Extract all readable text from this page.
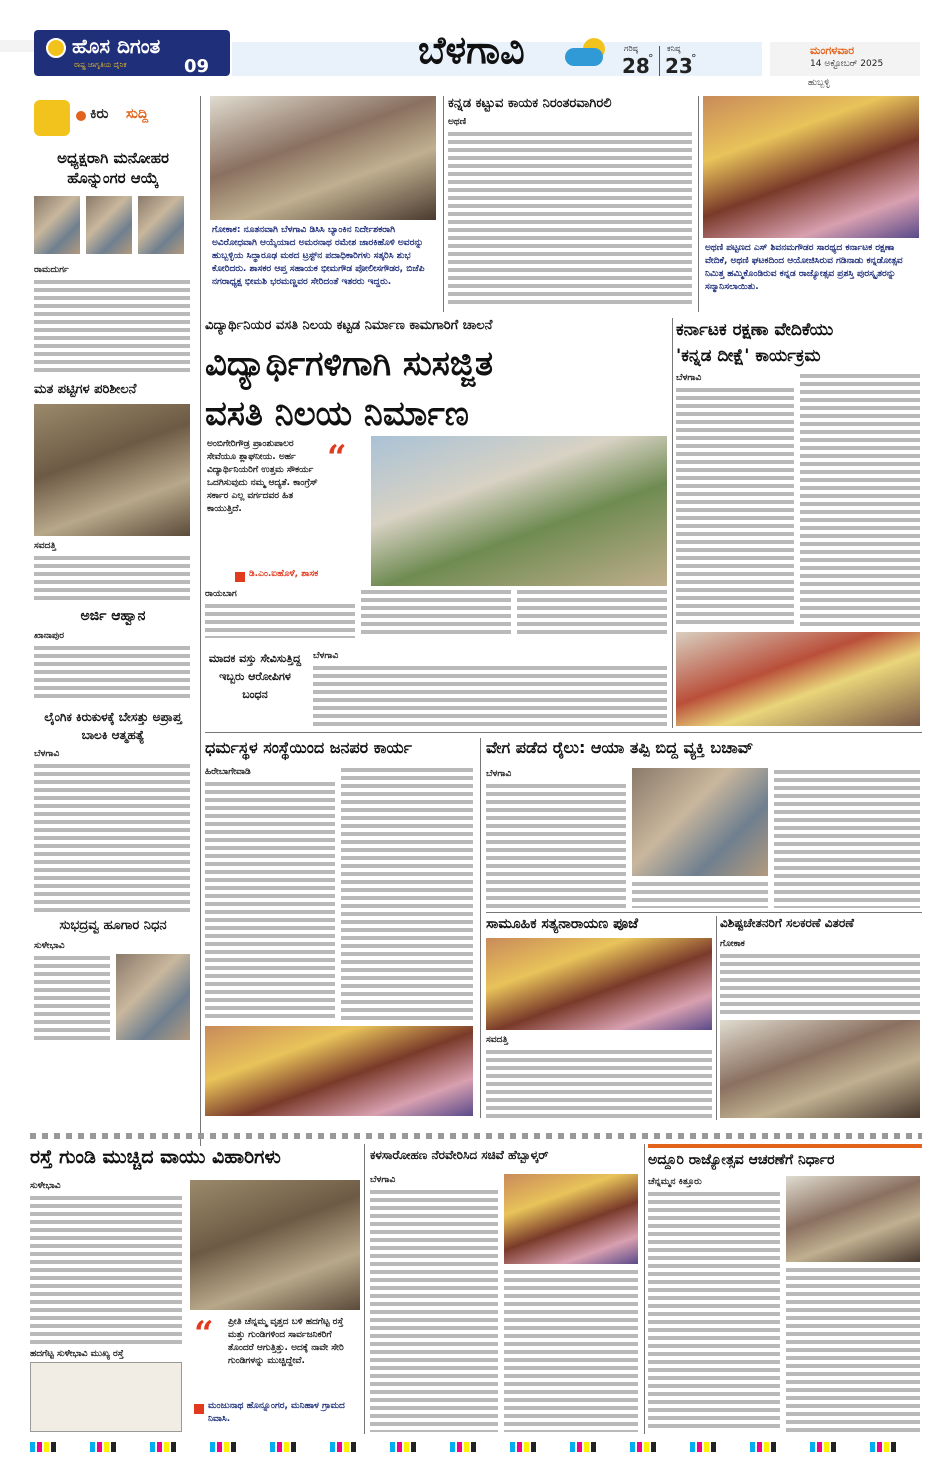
ಹೊಸ ದಿಗಂತ
ರಾಷ್ಟ್ರ ಜಾಗೃತಿಯ ದೈನಿಕ	09	ಬೆಳಗಾವಿ	ಗರಿಷ್ಠ
28
°
ಕನಿಷ್ಠ
23
°
ಮಂಗಳವಾರ
14 ಅಕ್ಟೋಬರ್ 2025
ಹುಬ್ಬಳ್ಳಿ
ಕಿರು	ಸುದ್ದಿ
ಅಧ್ಯಕ್ಷರಾಗಿ ಮನೋಹರ ಹೊನ್ನುಂಗರ ಆಯ್ಕೆ
ರಾಮದುರ್ಗ
ಮತ ಪಟ್ಟಿಗಳ ಪರಿಶೀಲನೆ
ಸವದತ್ತಿ
ಅರ್ಜಿ ಆಹ್ವಾನ
ಖಾನಾಪುರ
ಲೈಂಗಿಕ ಕಿರುಕುಳಕ್ಕೆ ಬೇಸತ್ತು ಅಪ್ರಾಪ್ತ ಬಾಲಕಿ ಆತ್ಮಹತ್ಯೆ
ಬೆಳಗಾವಿ
ಸುಭದ್ರವ್ವ ಹೂಗಾರ ನಿಧನ
ಸುಳೇಭಾವಿ
ಗೋಕಾಕ: ನೂತನವಾಗಿ ಬೆಳಗಾವಿ ಡಿಸಿಸಿ ಬ್ಯಾಂಕಿನ ನಿರ್ದೇಶಕರಾಗಿ ಅವಿರೋಧವಾಗಿ ಆಯ್ಕೆಯಾದ ಅಮರನಾಥ ರಮೇಶ ಜಾರಕಿಹೊಳಿ ಅವರನ್ನು ಹುಬ್ಬಳ್ಳಿಯ ಸಿದ್ಧಾರೂಢ ಮಠದ ಟ್ರಸ್ಟ್‌ನ ಪದಾಧಿಕಾರಿಗಳು ಸತ್ಕರಿಸಿ ಶುಭ ಕೋರಿದರು. ಶಾಸಕರ ಆಪ್ತ ಸಹಾಯಕ ಭೀಮಗೌಡ ಪೋಲೀಸಗೌಡರ, ಬಿಜೆಪಿ ನಗರಾಧ್ಯಕ್ಷ ಭೀಮಶಿ ಭರಮಣ್ಣವರ ಸೇರಿದಂತೆ ಇತರರು ಇದ್ದರು.
ಕನ್ನಡ ಕಟ್ಟುವ ಕಾಯಕ ನಿರಂತರವಾಗಿರಲಿ
ಅಥಣಿ
ಅಥಣಿ ಪಟ್ಟಣದ ಎಸ್ ಶಿವನಮಗೌಡರ ಸಾರಥ್ಯದ ಕರ್ನಾಟಕ ರಕ್ಷಣಾ ವೇದಿಕೆ, ಅಥಣಿ ಘಟಕದಿಂದ ಆಯೋಜಿಸಿರುವ ಗಡಿನಾಡು ಕನ್ನಡೋತ್ಸವ ನಿಮಿತ್ತ ಹಮ್ಮಿಕೊಂಡಿರುವ ಕನ್ನಡ ರಾಜ್ಯೋತ್ಸವ ಪ್ರಶಸ್ತಿ ಪುರಸ್ಕೃತರನ್ನು ಸನ್ಮಾನಿಸಲಾಯಿತು.
ವಿದ್ಯಾರ್ಥಿನಿಯರ ವಸತಿ ನಿಲಯ ಕಟ್ಟಡ ನಿರ್ಮಾಣ ಕಾಮಗಾರಿಗೆ ಚಾಲನೆ
ವಿದ್ಯಾರ್ಥಿಗಳಿಗಾಗಿ ಸುಸಜ್ಜಿತ
ವಸತಿ ನಿಲಯ ನಿರ್ಮಾಣ
ಅಂಬಿಗೇರಿಗೌಡ್ರ ಪ್ರಾಂಶುಪಾಲರ ಸೇವೆಯೂ ಶ್ಲಾಘನೀಯ. ಅರ್ಹ ವಿದ್ಯಾರ್ಥಿನಿಯರಿಗೆ ಉತ್ತಮ ಸೌಕರ್ಯ ಒದಗಿಸುವುದು ನಮ್ಮ ಆದ್ಯತೆ. ಕಾಂಗ್ರೆಸ್ ಸರ್ಕಾರ ಎಲ್ಲ ವರ್ಗದವರ ಹಿತ ಕಾಯುತ್ತಿದೆ.
“
ಡಿ.ಎಂ.ಐಹೊಳೆ, ಶಾಸಕ
ರಾಯಬಾಗ
ಕರ್ನಾಟಕ ರಕ್ಷಣಾ ವೇದಿಕೆಯು
'ಕನ್ನಡ ದೀಕ್ಷೆ' ಕಾರ್ಯಕ್ರಮ
ಬೆಳಗಾವಿ
ಮಾದಕ ವಸ್ತು ಸೇವಿಸುತ್ತಿದ್ದ ಇಬ್ಬರು ಆರೋಪಿಗಳ ಬಂಧನ
ಬೆಳಗಾವಿ
ಧರ್ಮಸ್ಥಳ ಸಂಸ್ಥೆಯಿಂದ ಜನಪರ ಕಾರ್ಯ
ಹಿರೇಬಾಗೇವಾಡಿ
ವೇಗ ಪಡೆದ ರೈಲು: ಆಯಾ ತಪ್ಪಿ ಬಿದ್ದ ವ್ಯಕ್ತಿ ಬಚಾವ್
ಬೆಳಗಾವಿ
ಸಾಮೂಹಿಕ ಸತ್ಯನಾರಾಯಣ ಪೂಜೆ
ಸವದತ್ತಿ
ವಿಶಿಷ್ಟಚೇತನರಿಗೆ ಸಲಕರಣೆ ವಿತರಣೆ
ಗೋಕಾಕ
ರಸ್ತೆ ಗುಂಡಿ ಮುಚ್ಚಿದ ವಾಯು ವಿಹಾರಿಗಳು
ಸುಳೇಭಾವಿ
ಹದಗೆಟ್ಟ ಸುಳೇಭಾವಿ ಮುಖ್ಯ ರಸ್ತೆ	“	ಪ್ರೀತಿ ಚೆನ್ನಮ್ಮ ವೃತ್ತದ ಬಳಿ ಹದಗೆಟ್ಟ ರಸ್ತೆ ಮತ್ತು ಗುಂಡಿಗಳಿಂದ ಸಾರ್ವಜನಿಕರಿಗೆ ತೊಂದರೆ ಆಗುತ್ತಿತ್ತು. ಅದಕ್ಕೆ ನಾವೇ ಸೇರಿ ಗುಂಡಿಗಳನ್ನು ಮುಚ್ಚಿದ್ದೇವೆ.
ಮಂಜುನಾಥ ಹೊನ್ನೂಂಗರ, ಮನಿಹಾಳ ಗ್ರಾಮದ ನಿವಾಸಿ.
ಕಳಸಾರೋಹಣ ನೆರವೇರಿಸಿದ ಸಚಿವೆ ಹೆಬ್ಬಾಳ್ಕರ್
ಬೆಳಗಾವಿ
ಅದ್ದೂರಿ ರಾಜ್ಯೋತ್ಸವ ಆಚರಣೆಗೆ ನಿರ್ಧಾರ
ಚೆನ್ನಮ್ಮನ ಕಿತ್ತೂರು
